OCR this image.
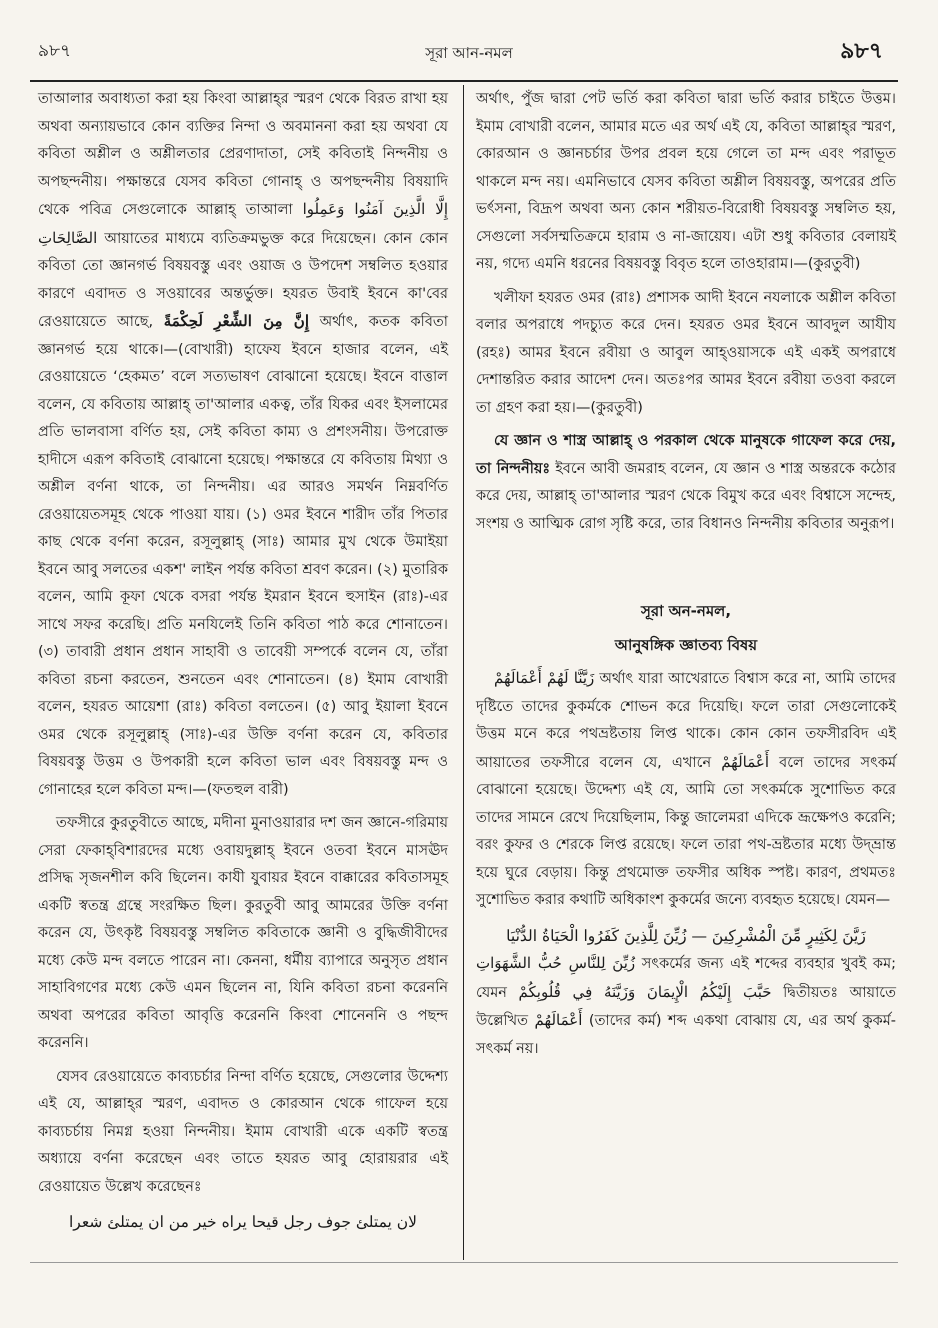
৯৮৭	সূরা আন-নমল	৯৮৭

তাআলার অবাধ্যতা করা হয় কিংবা আল্লাহ্‌র স্মরণ থেকে বিরত রাখা হয় অথবা অন্যায়ভাবে কোন ব্যক্তির নিন্দা ও অবমাননা করা হয় অথবা যে কবিতা অশ্লীল ও অশ্লীলতার প্রেরণাদাতা, সেই কবিতাই নিন্দনীয় ও অপছন্দনীয়। পক্ষান্তরে যেসব কবিতা গোনাহ্‌ ও অপছন্দনীয় বিষয়াদি থেকে পবিত্র সেগুলোকে আল্লাহ্‌ তাআলা إِلَّا الَّذِينَ آمَنُوا وَعَمِلُوا الصَّالِحَاتِ আয়াতের মাধ্যমে ব্যতিক্রমভুক্ত করে দিয়েছেন। কোন কোন কবিতা তো জ্ঞানগর্ভ বিষয়বস্তু এবং ওয়াজ ও উপদেশ সম্বলিত হওয়ার কারণে এবাদত ও সওয়াবের অন্তর্ভুক্ত। হযরত উবাই ইবনে কা'বের রেওয়ায়েতে আছে, إِنَّ مِنَ الشِّعْرِ لَحِكْمَةً অর্থাৎ, কতক কবিতা জ্ঞানগর্ভ হয়ে থাকে।—(বোখারী) হাফেয ইবনে হাজার বলেন, এই রেওয়ায়েতে ‘হেকমত’ বলে সত্যভাষণ বোঝানো হয়েছে। ইবনে বাত্তাল বলেন, যে কবিতায় আল্লাহ্‌ তা'আলার একত্ব, তাঁর যিকর এবং ইসলামের প্রতি ভালবাসা বর্ণিত হয়, সেই কবিতা কাম্য ও প্রশংসনীয়। উপরোক্ত হাদীসে এরূপ কবিতাই বোঝানো হয়েছে। পক্ষান্তরে যে কবিতায় মিথ্যা ও অশ্লীল বর্ণনা থাকে, তা নিন্দনীয়। এর আরও সমর্থন নিম্নবর্ণিত রেওয়ায়েতসমূহ থেকে পাওয়া যায়। (১) ওমর ইবনে শারীদ তাঁর পিতার কাছ থেকে বর্ণনা করেন, রসূলুল্লাহ্‌ (সাঃ) আমার মুখ থেকে উমাইয়া ইবনে আবু সলতের একশ' লাইন পর্যন্ত কবিতা শ্রবণ করেন। (২) মুতারিক বলেন, আমি কূফা থেকে বসরা পর্যন্ত ইমরান ইবনে হুসাইন (রাঃ)-এর সাথে সফর করেছি। প্রতি মনযিলেই তিনি কবিতা পাঠ করে শোনাতেন। (৩) তাবারী প্রধান প্রধান সাহাবী ও তাবেয়ী সম্পর্কে বলেন যে, তাঁরা কবিতা রচনা করতেন, শুনতেন এবং শোনাতেন। (৪) ইমাম বোখারী বলেন, হযরত আয়েশা (রাঃ) কবিতা বলতেন। (৫) আবু ইয়ালা ইবনে ওমর থেকে রসূলুল্লাহ্‌ (সাঃ)-এর উক্তি বর্ণনা করেন যে, কবিতার বিষয়বস্তু উত্তম ও উপকারী হলে কবিতা ভাল এবং বিষয়বস্তু মন্দ ও গোনাহের হলে কবিতা মন্দ।—(ফতহুল বারী)

তফসীরে কুরতুবীতে আছে, মদীনা মুনাওয়ারার দশ জন জ্ঞানে-গরিমায় সেরা ফেকাহ্‌বিশারদের মধ্যে ওবায়দুল্লাহ্‌ ইবনে ওতবা ইবনে মাসঊদ প্রসিদ্ধ সৃজনশীল কবি ছিলেন। কাযী যুবায়র ইবনে বাক্কারের কবিতাসমূহ একটি স্বতন্ত্র গ্রন্থে সংরক্ষিত ছিল। কুরতুবী আবু আমরের উক্তি বর্ণনা করেন যে, উৎকৃষ্ট বিষয়বস্তু সম্বলিত কবিতাকে জ্ঞানী ও বুদ্ধিজীবীদের মধ্যে কেউ মন্দ বলতে পারেন না। কেননা, ধর্মীয় ব্যাপারে অনুসৃত প্রধান সাহাবিগণের মধ্যে কেউ এমন ছিলেন না, যিনি কবিতা রচনা করেননি অথবা অপরের কবিতা আবৃত্তি করেননি কিংবা শোনেননি ও পছন্দ করেননি।

যেসব রেওয়ায়েতে কাব্যচর্চার নিন্দা বর্ণিত হয়েছে, সেগুলোর উদ্দেশ্য এই যে, আল্লাহ্‌র স্মরণ, এবাদত ও কোরআন থেকে গাফেল হয়ে কাব্যচর্চায় নিমগ্ন হওয়া নিন্দনীয়। ইমাম বোখারী একে একটি স্বতন্ত্র অধ্যায়ে বর্ণনা করেছেন এবং তাতে হযরত আবু হোরায়রার এই রেওয়ায়েত উল্লেখ করেছেনঃ

لان يمتلئ جوف رجل قيحا يراه خير من ان يمتلئ شعرا

অর্থাৎ, পুঁজ দ্বারা পেট ভর্তি করা কবিতা দ্বারা ভর্তি করার চাইতে উত্তম। ইমাম বোখারী বলেন, আমার মতে এর অর্থ এই যে, কবিতা আল্লাহ্‌র স্মরণ, কোরআন ও জ্ঞানচর্চার উপর প্রবল হয়ে গেলে তা মন্দ এবং পরাভূত থাকলে মন্দ নয়। এমনিভাবে যেসব কবিতা অশ্লীল বিষয়বস্তু, অপরের প্রতি ভর্ৎসনা, বিদ্রূপ অথবা অন্য কোন শরীয়ত-বিরোধী বিষয়বস্তু সম্বলিত হয়, সেগুলো সর্বসম্মতিক্রমে হারাম ও না-জায়েয। এটা শুধু কবিতার বেলায়ই নয়, গদ্যে এমনি ধরনের বিষয়বস্তু বিবৃত হলে তাওহারাম।—(কুরতুবী)

খলীফা হযরত ওমর (রাঃ) প্রশাসক আদী ইবনে নযলাকে অশ্লীল কবিতা বলার অপরাধে পদচ্যুত করে দেন। হযরত ওমর ইবনে আবদুল আযীয (রহঃ) আমর ইবনে রবীয়া ও আবুল আহ্‌ওয়াসকে এই একই অপরাধে দেশান্তরিত করার আদেশ দেন। অতঃপর আমর ইবনে রবীয়া তওবা করলে তা গ্রহণ করা হয়।—(কুরতুবী)

যে জ্ঞান ও শাস্ত্র আল্লাহ্‌ ও পরকাল থেকে মানুষকে গাফেল করে দেয়, তা নিন্দনীয়ঃ ইবনে আবী জমরাহ বলেন, যে জ্ঞান ও শাস্ত্র অন্তরকে কঠোর করে দেয়, আল্লাহ্‌ তা'আলার স্মরণ থেকে বিমুখ করে এবং বিশ্বাসে সন্দেহ, সংশয় ও আত্মিক রোগ সৃষ্টি করে, তার বিধানও নিন্দনীয় কবিতার অনুরূপ।

সূরা অন-নমল,
আনুষঙ্গিক জ্ঞাতব্য বিষয়

زَيَّنَّا لَهُمْ أَعْمَالَهُمْ অর্থাৎ যারা আখেরাতে বিশ্বাস করে না, আমি তাদের দৃষ্টিতে তাদের কুকর্মকে শোভন করে দিয়েছি। ফলে তারা সেগুলোকেই উত্তম মনে করে পথভ্রষ্টতায় লিপ্ত থাকে। কোন কোন তফসীরবিদ এই আয়াতের তফসীরে বলেন যে, এখানে أَعْمَالَهُمْ বলে তাদের সৎকর্ম বোঝানো হয়েছে। উদ্দেশ্য এই যে, আমি তো সৎকর্মকে সুশোভিত করে তাদের সামনে রেখে দিয়েছিলাম, কিন্তু জালেমরা এদিকে ভ্রূক্ষেপও করেনি; বরং কুফর ও শেরকে লিপ্ত রয়েছে। ফলে তারা পথ-ভ্রষ্টতার মধ্যে উদ্‌ভ্রান্ত হয়ে ঘুরে বেড়ায়। কিন্তু প্রথমোক্ত তফসীর অধিক স্পষ্ট। কারণ, প্রথমতঃ সুশোভিত করার কথাটি অধিকাংশ কুকর্মের জন্যে ব্যবহৃত হয়েছে। যেমন—

زَيَّنَ لِكَثِيرٍ مِّنَ الْمُشْرِكِينَ — زُيِّنَ لِلَّذِينَ كَفَرُوا الْحَيَاةُ الدُّنْيَا

زُيِّنَ لِلنَّاسِ حُبُّ الشَّهَوَاتِ সৎকর্মের জন্য এই শব্দের ব্যবহার খুবই কম; যেমন حَبَّبَ إِلَيْكُمُ الْإِيمَانَ وَزَيَّنَهُ فِي قُلُوبِكُمْ দ্বিতীয়তঃ আয়াতে উল্লেখিত أَعْمَالَهُمْ (তাদের কর্ম) শব্দ একথা বোঝায় যে, এর অর্থ কুকর্ম-সৎকর্ম নয়।
